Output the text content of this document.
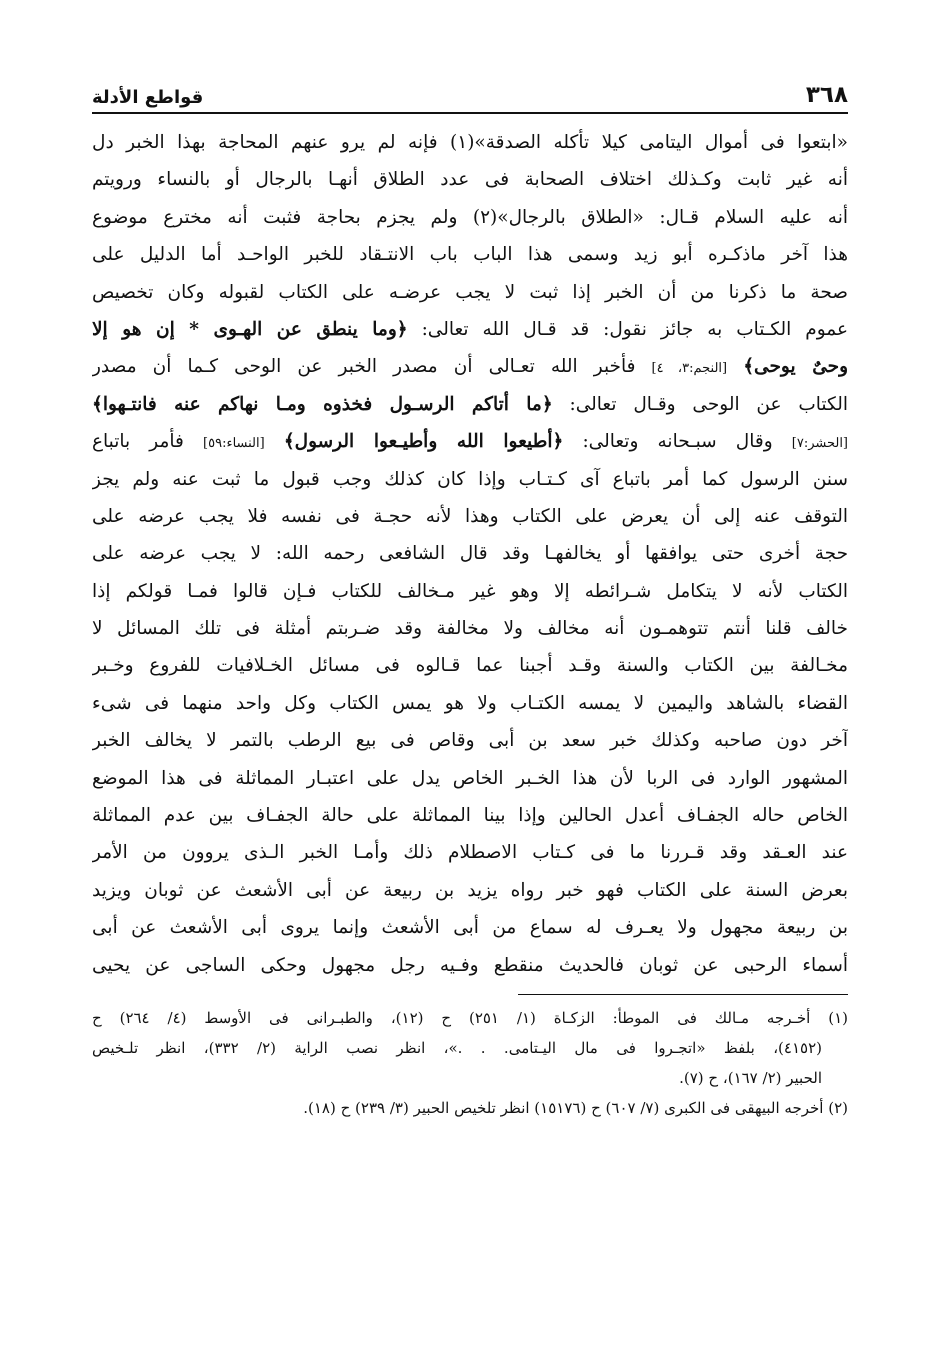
٣٦٨
قواطع الأدلة
«ابتعوا فى أموال اليتامى كيلا تأكله الصدقة»(١) فإنه لم يرو عنهم المحاجة بهذا الخبر دل
أنه غير ثابت وكـذلك اختلاف الصحابة فى عدد الطلاق أنهـا بالرجال أو بالنساء ورويتم
أنه عليه السلام قـال: «الطلاق بالرجال»(٢) ولم يجزم بحاجة فثبت أنه مخترع موضوع
هذا آخر ماذكـره أبو زيد وسمى هذا الباب باب الانتـقاد للخبر الواحـد أما الدليل على
صحة ما ذكرنا من أن الخبر إذا ثبت لا يجب عرضـه على الكتاب لقبوله وكان تخصيص
عموم الكـتاب به جائز نقول: قد قـال الله تعالى: ﴿وما ينطق عن الهـوى * إن هو إلا
وحىٌ يوحى﴾ [النجم:٣، ٤] فأخبر الله تعـالى أن مصدر الخبر عن الوحى كـما أن مصدر
الكتاب عن الوحى وقـال تعالى: ﴿ما أتاكم الرسـول فخذوه ومـا نهاكم عنه فانتـهوا﴾
[الحشر:٧] وقال سبـحانه وتعالى: ﴿أطيعوا الله وأطيـعوا الرسول﴾ [النساء:٥٩] فأمر باتباع
سنن الرسول كما أمر باتباع آى كـتـاب وإذا كان كذلك وجب قبول ما ثبت عنه ولم يجز
التوقف عنه إلى أن يعرض على الكتاب وهذا لأنه حجـة فى نفسه فلا يجب عرضه على
حجة أخرى حتى يوافقها أو يخالفهـا وقد قال الشافعى رحمه الله: لا يجب عرضه على
الكتاب لأنه لا يتكامل شـرائطه إلا وهو غير مـخالف للكتاب فـإن قالوا فمـا قولكم إذا
خالف قلنا أنتم تتوهمـون أنه مخالف ولا مخالفة وقد ضـربتم أمثلة فى تلك المسائل لا
مخـالفة بين الكتاب والسنة وقـد أجبنا عما قـالوه فى مسائل الخـلافيات للفروع وخـبر
القضاء بالشاهد واليمين لا يمسه الكتـاب ولا هو يمس الكتاب وكل واحد منهما فى شىء
آخر دون صاحبه وكذلك خبر سعد بن أبى وقاص فى بيع الرطب بالتمر لا يخالف الخبر
المشهور الوارد فى الربا لأن هذا الخـبر الخاص يدل على اعتبـار المماثلة فى هذا الموضع
الخاص حاله الجفـاف أعدل الحالين وإذا بينا المماثلة على حالة الجفـاف بين عدم المماثلة
عند العـقد وقد قـررنا ما فى كـتاب الاصطلام ذلك وأمـا الخبر الـذى يروون من الأمر
بعرض السنة على الكتاب فهو خبر رواه يزيد بن ربيعة عن أبى الأشعث عن ثوبان ويزيد
بن ربيعة مجهول ولا يعـرف له سماع من أبى الأشعث وإنما يروى أبى الأشعث عن أبى
أسماء الرحبى عن ثوبان فالحديث منقطع وفـيه رجل مجهول وحكى الساجى عن يحيى
(١) أخـرجه مـالك فى الموطأ: الزكـاة (١/ ٢٥١) ح (١٢)، والطبـرانى فى الأوسط (٤/ ٢٦٤) ح
(٤١٥٢)، بلفظ «اتجـروا فى مال اليـتامى. . .»، انظر نصب الراية (٢/ ٣٣٢)، انظر تلـخيص
الحبير (٢/ ١٦٧)، ح (٧).
(٢) أخرجه البيهقى فى الكبرى (٧/ ٦٠٧) ح (١٥١٧٦) انظر تلخيص الحبير (٣/ ٢٣٩) ح (١٨).
